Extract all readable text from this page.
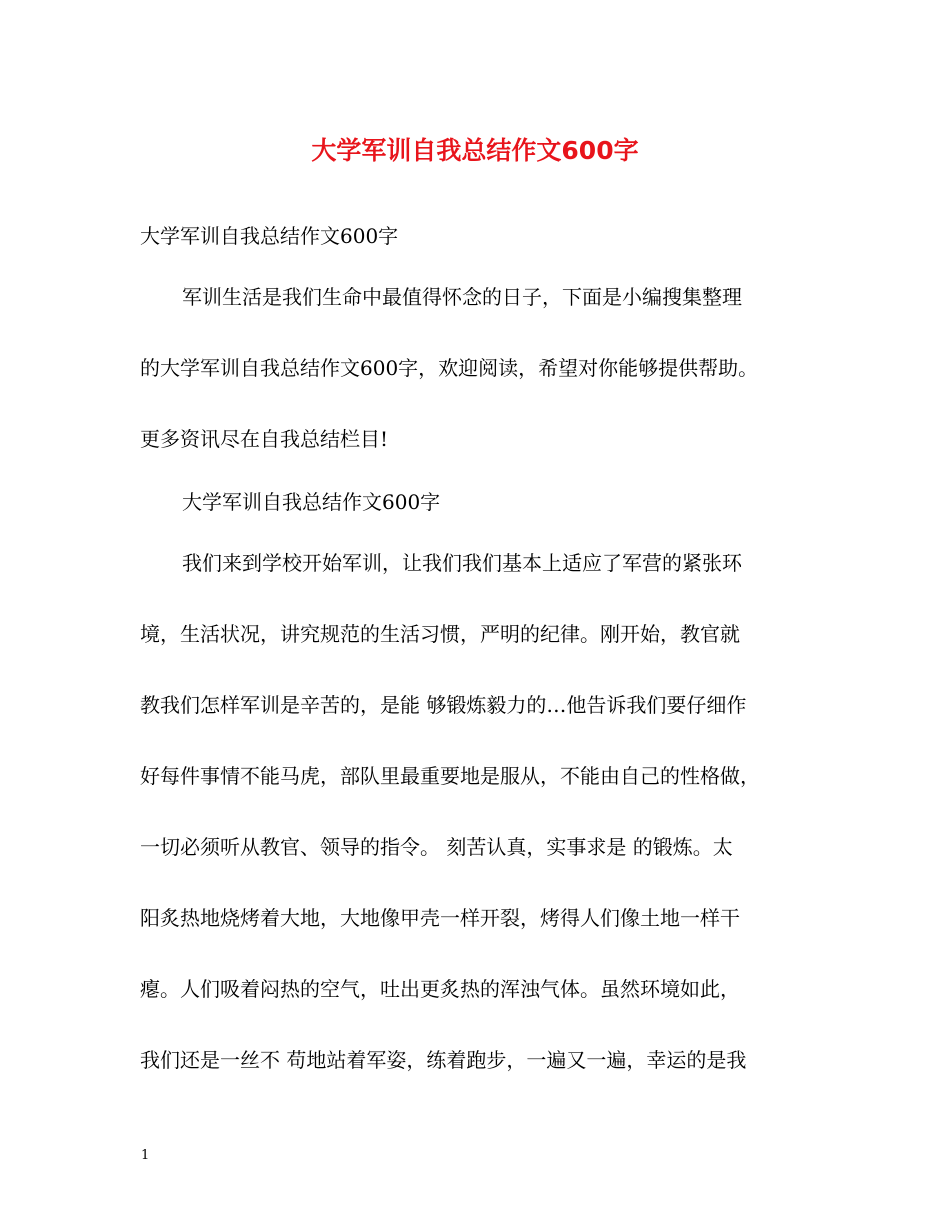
大学军训自我总结作文600字
大学军训自我总结作文600字
军训生活是我们生命中最值得怀念的日子，下面是小编搜集整理
的大学军训自我总结作文600字，欢迎阅读，希望对你能够提供帮助。
更多资讯尽在自我总结栏目!
大学军训自我总结作文600字
我们来到学校开始军训，让我们我们基本上适应了军营的紧张环
境，生活状况，讲究规范的生活习惯，严明的纪律。刚开始，教官就
教我们怎样军训是辛苦的，是能 够锻炼毅力的…他告诉我们要仔细作
好每件事情不能马虎，部队里最重要地是服从，不能由自己的性格做，
一切必须听从教官、领导的指令。 刻苦认真，实事求是 的锻炼。太
阳炙热地烧烤着大地，大地像甲壳一样开裂，烤得人们像土地一样干
瘪。人们吸着闷热的空气，吐出更炙热的浑浊气体。虽然环境如此，
我们还是一丝不 苟地站着军姿，练着跑步，一遍又一遍，幸运的是我
1
